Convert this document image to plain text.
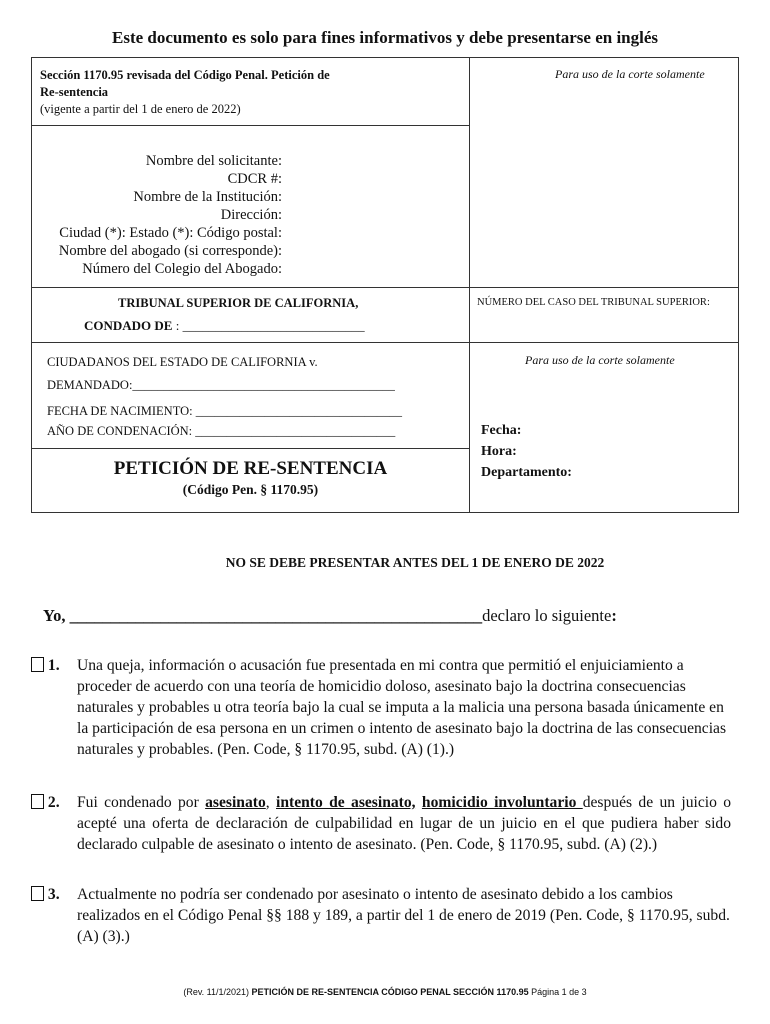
Este documento es solo para fines informativos y debe presentarse en inglés
Sección 1170.95 revisada del Código Penal. Petición de
Re-sentencia
(vigente a partir del 1 de enero de 2022)
Para uso de la corte solamente
Nombre del solicitante:
CDCR #:
Nombre de la Institución:
Dirección:
Ciudad (*): Estado (*): Código postal:
Nombre del abogado (si corresponde):
Número del Colegio del Abogado:
TRIBUNAL SUPERIOR DE CALIFORNIA,
CONDADO DE : ____________________________
NÚMERO DEL CASO DEL TRIBUNAL SUPERIOR:
CIUDADANOS DEL ESTADO DE CALIFORNIA v.
DEMANDADO:__________________________________________
FECHA DE NACIMIENTO: _________________________________
AÑO DE CONDENACIÓN: ________________________________
Para uso de la corte solamente
Fecha:
Hora:
Departamento:
PETICIÓN DE RE-SENTENCIA
(Código Pen. § 1170.95)
NO SE DEBE PRESENTAR ANTES DEL 1 DE ENERO DE 2022
Yo, __________________________________________________declaro lo siguiente:
1. Una queja, información o acusación fue presentada en mi contra que permitió el enjuiciamiento a proceder de acuerdo con una teoría de homicidio doloso, asesinato bajo la doctrina consecuencias naturales y probables u otra teoría bajo la cual se imputa a la malicia una persona basada únicamente en la participación de esa persona en un crimen o intento de asesinato bajo la doctrina de las consecuencias naturales y probables. (Pen. Code, § 1170.95, subd. (A) (1).)
2. Fui condenado por asesinato, intento de asesinato, homicidio involuntario después de un juicio o acepté una oferta de declaración de culpabilidad en lugar de un juicio en el que pudiera haber sido declarado culpable de asesinato o intento de asesinato. (Pen. Code, § 1170.95, subd. (A) (2).)
3. Actualmente no podría ser condenado por asesinato o intento de asesinato debido a los cambios realizados en el Código Penal §§ 188 y 189, a partir del 1 de enero de 2019 (Pen. Code, § 1170.95, subd. (A) (3).)
(Rev. 11/1/2021) PETICIÓN DE RE-SENTENCIA CÓDIGO PENAL SECCIÓN 1170.95 Página 1 de 3
